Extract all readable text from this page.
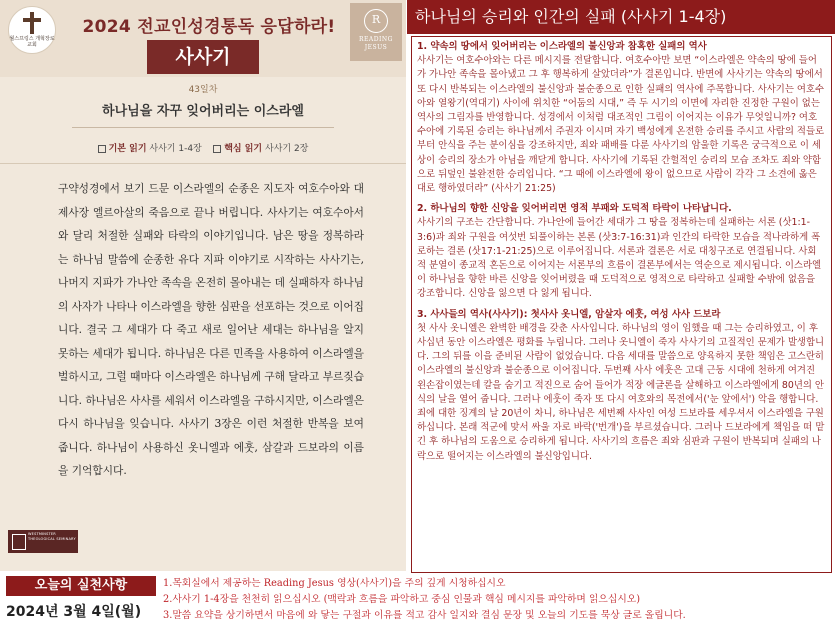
월스프링스 개혁장로교회
2024 전교인성경통독 응답하라!	R
READING JESUS
사사기
43일차
하나님을 자꾸 잊어버리는 이스라엘
기본 읽기 사사기 1-4장 핵심 읽기 사사기 2장

구약성경에서 보기 드문 이스라엘의 순종은 지도자 여호수아와 대제사장 엘르아살의 죽음으로 끝나 버립니다. 사사기는 여호수아서와 달리 처절한 실패와 타락의 이야기입니다. 남은 땅을 정복하라는 하나님 말씀에 순종한 유다 지파 이야기로 시작하는 사사기는, 나머지 지파가 가나안 족속을 온전히 몰아내는 데 실패하자 하나님의 사자가 나타나 이스라엘을 향한 심판을 선포하는 것으로 이어집니다. 결국 그 세대가 다 죽고 새로 일어난 세대는 하나님을 알지 못하는 세대가 됩니다. 하나님은 다른 민족을 사용하여 이스라엘을 벌하시고, 그럴 때마다 이스라엘은 하나님께 구해 달라고 부르짖습니다. 하나님은 사사를 세워서 이스라엘을 구하시지만, 이스라엘은 다시 하나님을 잊습니다. 사사기 3장은 이런 처절한 반복을 보여 줍니다. 하나님이 사용하신 옷니엘과 에훗, 삼갈과 드보라의 이름을 기억합시다.

WESTMINSTER THEOLOGICAL SEMINARY
하나님의 승리와 인간의 실패 (사사기 1-4장)

1. 약속의 땅에서 잊어버리는 이스라엘의 불신앙과 참혹한 실패의 역사

사사기는 여호수아와는 다른 메시지를 전달합니다. 여호수아만 보면 “이스라엘은 약속의 땅에 들어가 가나안 족속을 몰아냈고 그 후 행복하게 살았더라”가 결론입니다. 반면에 사사기는 약속의 땅에서 또 다시 반복되는 이스라엘의 불신앙과 불순종으로 인한 실패의 역사에 주목합니다. 사사기는 여호수아와 열왕기(역대기) 사이에 위치한 “어둠의 시대,” 즉 두 시기의 이면에 자리한 진정한 구원이 없는 역사의 그림자를 반영합니다. 성경에서 이처럼 대조적인 그림이 이어지는 이유가 무엇일니까? 여호수아에 기록된 승리는 하나님께서 주권자 이시며 자기 백성에게 온전한 승리를 주시고 사람의 적들로부터 안식을 주는 분이심을 강조하지만, 죄와 패배를 다룬 사사기의 암울한 기록은 궁극적으로 이 세상이 승리의 장소가 아님을 깨닫게 합니다. 사사기에 기록된 간헐적인 승리의 모습 조차도 죄와 약함으로 뒤덮인 불완전한 승리입니다. “그 때에 이스라엘에 왕이 없으므로 사람이 각각 그 소견에 옳은대로 행하였더라” (사사기 21:25)

2. 하나님의 향한 신앙을 잊어버리면 영적 부패와 도덕적 타락이 나타납니다.

사사기의 구조는 간단합니다. 가나안에 들어간 세대가 그 땅을 정복하는데 실패하는 서론 (삿1:1-3:6)과 죄와 구원을 여섯번 되풀이하는 본론 (삿3:7-16:31)과 인간의 타락한 모습을 적나라하게 폭로하는 결론 (삿17:1-21:25)으로 이루어집니다. 서론과 결론은 서로 대칭구조로 연결됩니다. 사회적 분열이 종교적 혼돈으로 이어지는 서론부의 흐름이 결론부에서는 역순으로 제시됩니다. 이스라엘이 하나님을 향한 바른 신앙을 잊어버렸을 때 도덕적으로 영적으로 타락하고 실패할 수밖에 없음을 강조합니다. 신앙을 잃으면 다 잃게 됩니다.

3. 사사들의 역사(사사기): 첫사사 옷니엘, 암살자 에훗, 여성 사사 드보라

첫 사사 옷니엘은 완벽한 배경을 갖춘 사사입니다. 하나님의 영이 임했을 때 그는 승리하였고, 이 후 사십년 동안 이스라엘은 평화를 누립니다. 그러나 옷니엘이 죽자 사사기의 고질적인 문제가 발생합니다. 그의 뒤를 이을 준비된 사람이 없었습니다. 다음 세대를 말씀으로 양육하지 못한 책임은 고스란히 이스라엘의 불신앙과 불순종으로 이어집니다. 두번째 사사 에훗은 고대 근동 시대에 천하게 여겨진 왼손잡이였는데 칼을 숨기고 적진으로 숨어 들어가 적장 에글론을 살해하고 이스라엘에게 80년의 안식의 날을 열어 줍니다. 그러나 에훗이 죽자 또 다시 여호와의 목전에서('눈 앞에서') 악을 행합니다. 죄에 대한 징계의 날 20년이 차니, 하나님은 세번째 사사인 여성 드보라를 세우셔서 이스라엘을 구원하십니다. 본래 적군에 맞서 싸울 자로 바락('번개')을 부르셨습니다. 그러나 드보라에게 책임을 떠 맡긴 후 하나님의 도움으로 승리하게 됩니다. 사사기의 흐름은 죄와 심판과 구원이 반복되며 실패의 나락으로 떨어지는 이스라엘의 불신앙입니다.

오늘의 실천사항
2024년 3월 4일(월)
1.목회실에서 제공하는 Reading Jesus 영상(사사기)을 주의 깊게 시청하십시오
2.사사기 1-4장을 천천히 읽으십시오 (맥락과 흐름을 파악하고 중심 인물과 핵심 메시지를 파악하며 읽으십시오)
3.말씀 요약을 상기하면서 마음에 와 닿는 구절과 이유를 적고 감사 일지와 결심 문장 및 오늘의 기도를 묵상 글로 올립니다.
